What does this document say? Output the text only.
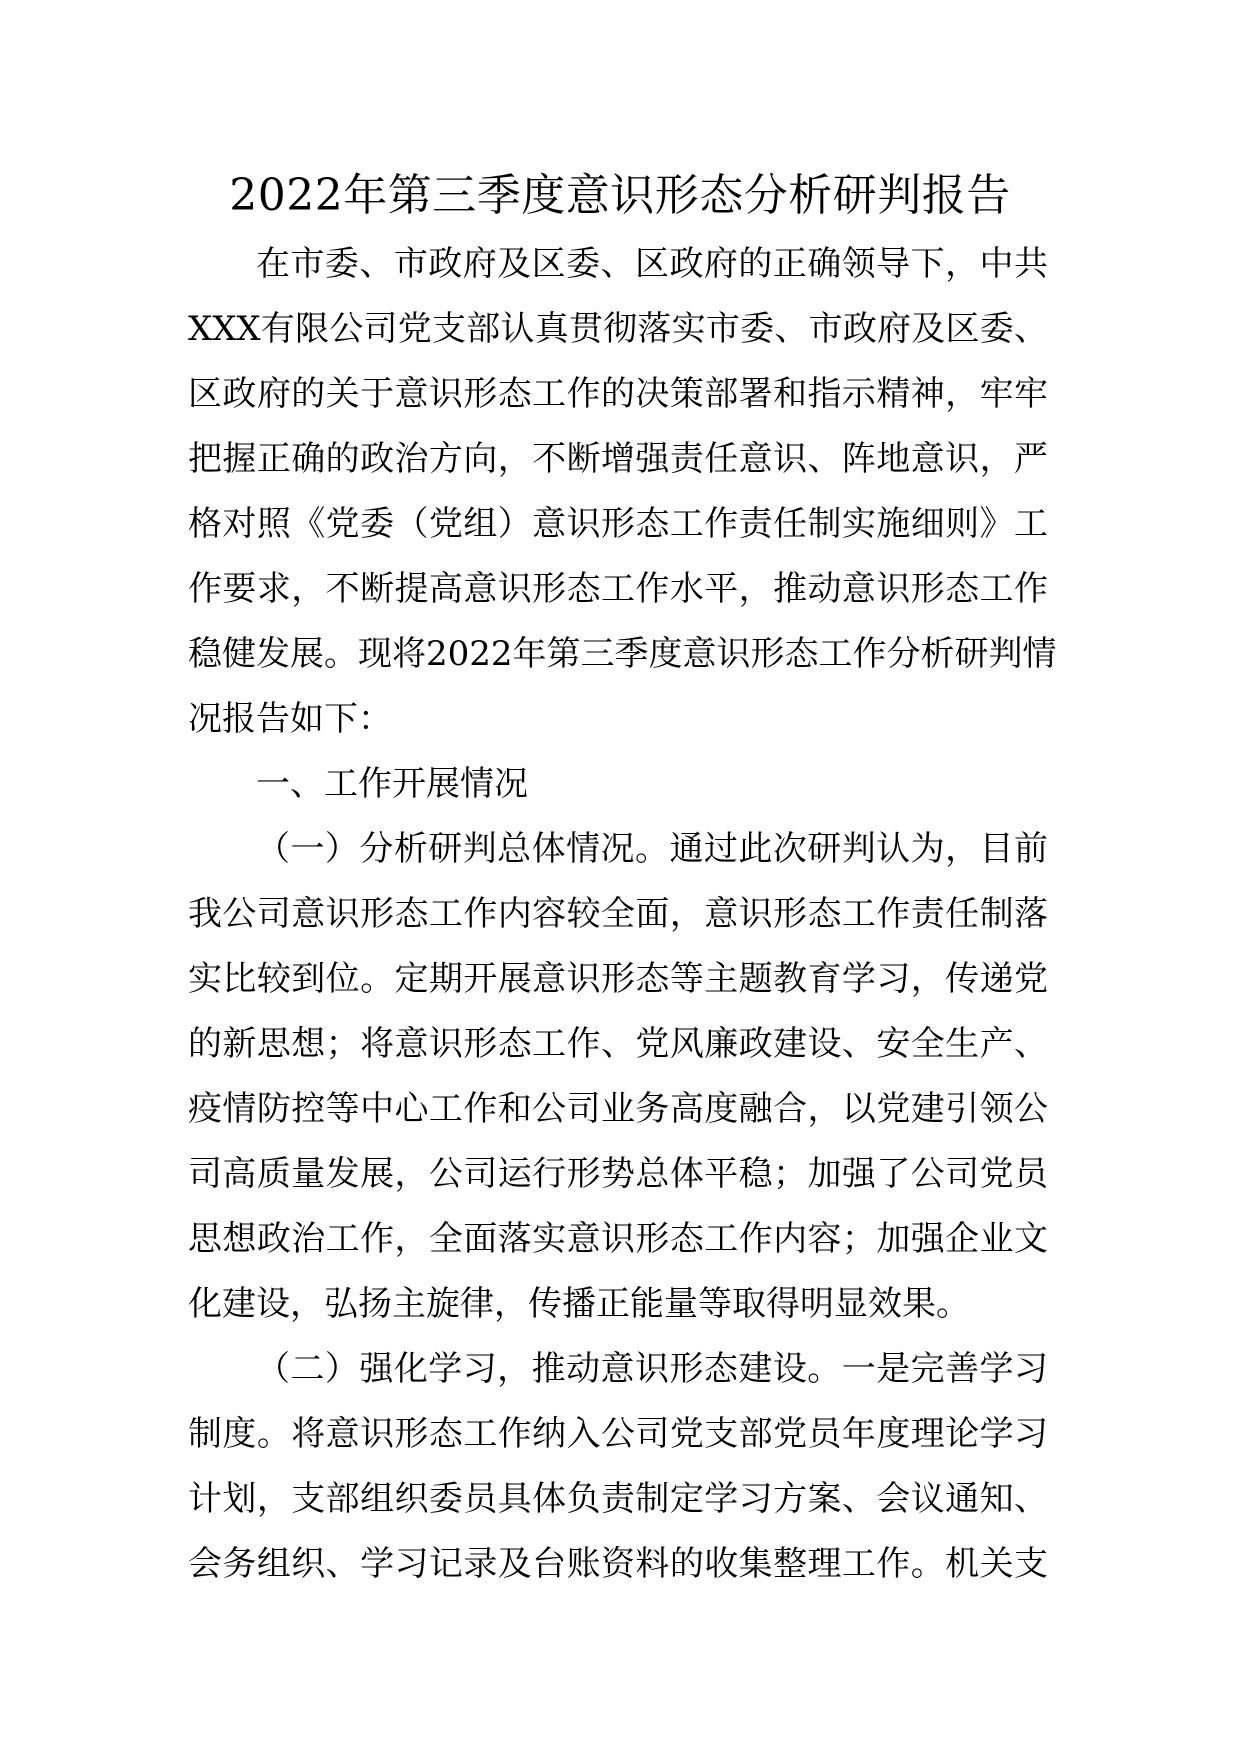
2022年第三季度意识形态分析研判报告
在市委、市政府及区委、区政府的正确领导下，中共
XXX有限公司党支部认真贯彻落实市委、市政府及区委、
区政府的关于意识形态工作的决策部署和指示精神，牢牢
把握正确的政治方向，不断增强责任意识、阵地意识，严
格对照《党委（党组）意识形态工作责任制实施细则》工
作要求，不断提高意识形态工作水平，推动意识形态工作
稳健发展。现将2022年第三季度意识形态工作分析研判情
况报告如下：
一、工作开展情况
（一）分析研判总体情况。通过此次研判认为，目前
我公司意识形态工作内容较全面，意识形态工作责任制落
实比较到位。定期开展意识形态等主题教育学习，传递党
的新思想；将意识形态工作、党风廉政建设、安全生产、
疫情防控等中心工作和公司业务高度融合，以党建引领公
司高质量发展，公司运行形势总体平稳；加强了公司党员
思想政治工作，全面落实意识形态工作内容；加强企业文
化建设，弘扬主旋律，传播正能量等取得明显效果。
（二）强化学习，推动意识形态建设。一是完善学习
制度。将意识形态工作纳入公司党支部党员年度理论学习
计划，支部组织委员具体负责制定学习方案、会议通知、
会务组织、学习记录及台账资料的收集整理工作。机关支
